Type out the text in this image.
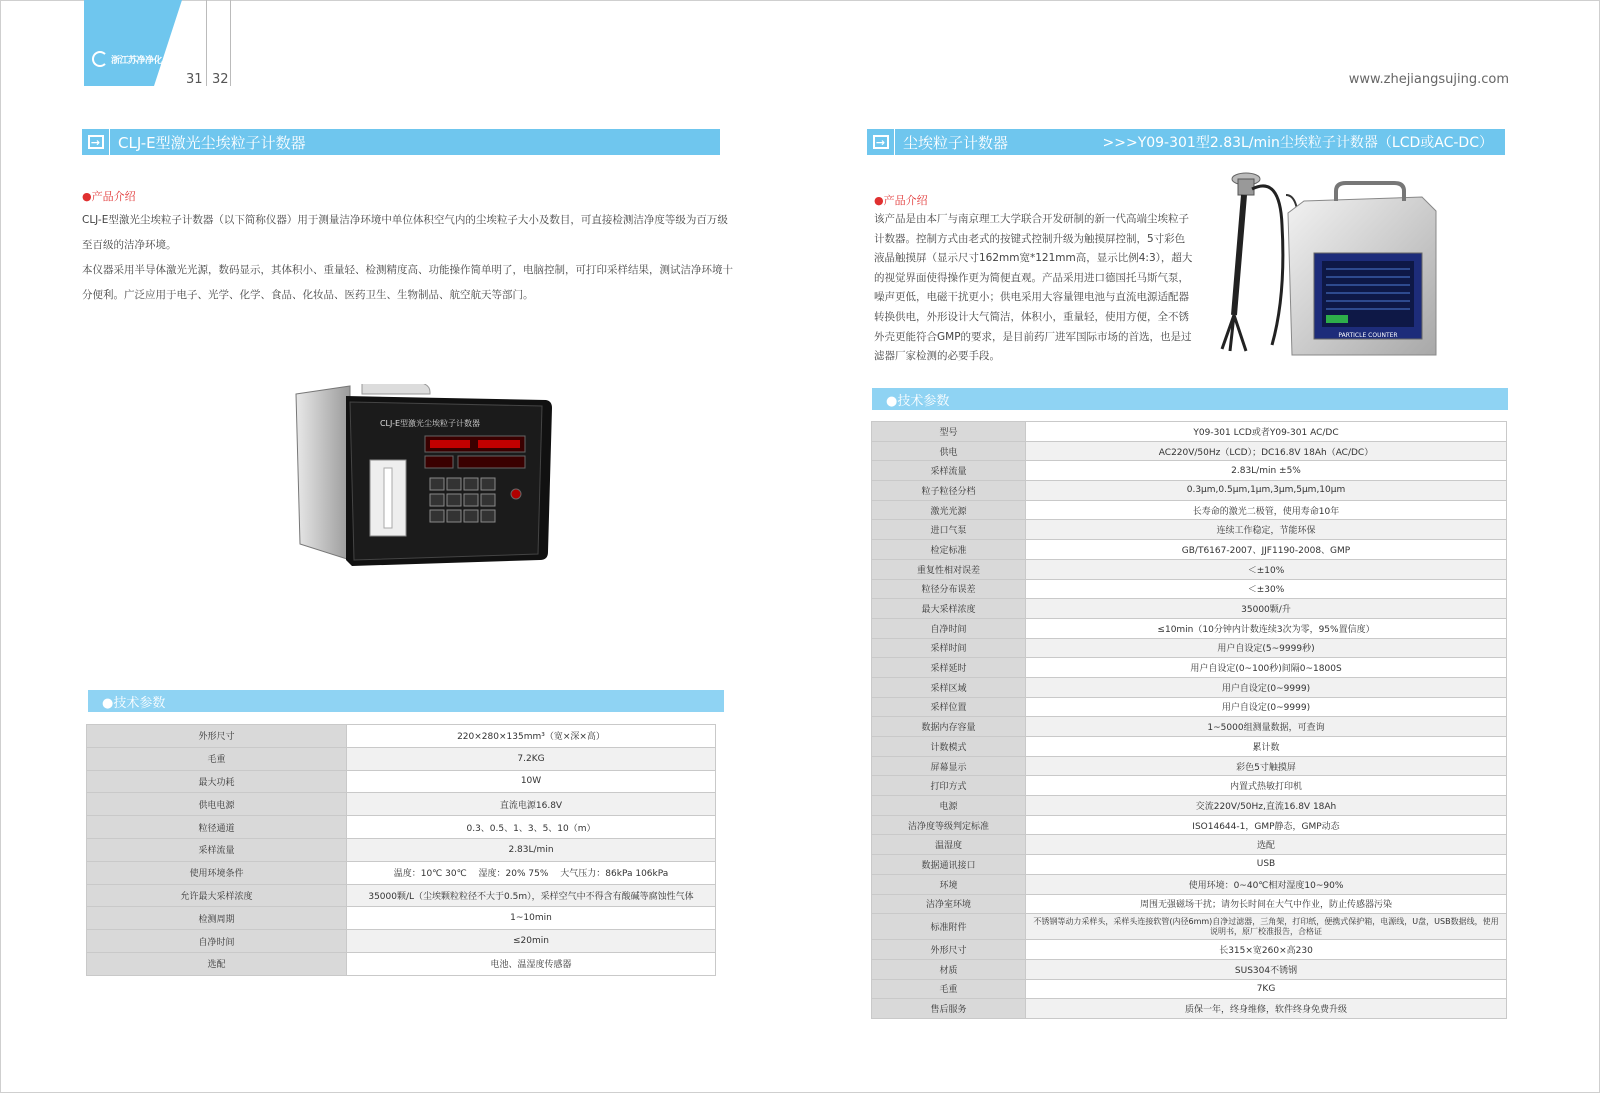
浙江苏净净化
31 32	www.zhejiangsujing.com
→ CLJ-E型激光尘埃粒子计数器
●产品介绍
CLJ-E型激光尘埃粒子计数器（以下简称仪器）用于测量洁净环境中单位体积空气内的尘埃粒子大小及数目，可直接检测洁净度等级为百万级
至百级的洁净环境。
本仪器采用半导体激光光源，数码显示，其体积小、重量轻、检测精度高、功能操作简单明了，电脑控制，可打印采样结果，测试洁净环境十
分便利。广泛应用于电子、光学、化学、食品、化妆品、医药卫生、生物制品、航空航天等部门。
CLJ-E型激光尘埃粒子计数器
●技术参数
外形尺寸	220×280×135mm³（宽×深×高）
毛重	7.2KG
最大功耗	10W
供电电源	直流电源16.8V
粒径通道	0.3、0.5、1、3、5、10（m）
采样流量	2.83L/min
使用环境条件	温度：10℃ 30℃　 湿度：20% 75%　 大气压力：86kPa 106kPa
允许最大采样浓度	35000颗/L（尘埃颗粒粒径不大于0.5m），采样空气中不得含有酸碱等腐蚀性气体
检测周期	1~10min
自净时间	≤20min
选配	电池、温湿度传感器
→ 尘埃粒子计数器	>>>Y09-301型2.83L/min尘埃粒子计数器（LCD或AC-DC）
●产品介绍
该产品是由本厂与南京理工大学联合开发研制的新一代高端尘埃粒子
计数器。控制方式由老式的按键式控制升级为触摸屏控制，5寸彩色
液晶触摸屏（显示尺寸162mm宽*121mm高，显示比例4:3），超大
的视觉界面使得操作更为简便直观。产品采用进口德国托马斯气泵，
噪声更低，电磁干扰更小；供电采用大容量锂电池与直流电源适配器
转换供电，外形设计大气简洁，体积小，重量轻，使用方便，全不锈
外壳更能符合GMP的要求，是目前药厂进军国际市场的首选，也是过
滤器厂家检测的必要手段。
PARTICLE COUNTER
●技术参数
型号	Y09-301 LCD或者Y09-301 AC/DC
供电	AC220V/50Hz（LCD）；DC16.8V 18Ah（AC/DC）
采样流量	2.83L/min ±5%
粒子粒径分档	0.3μm,0.5μm,1μm,3μm,5μm,10μm
激光光源	长寿命的激光二极管，使用寿命10年
进口气泵	连续工作稳定，节能环保
检定标准	GB/T6167-2007、JJF1190-2008、GMP
重复性相对误差	＜±10%
粒径分布误差	＜±30%
最大采样浓度	35000颗/升
自净时间	≤10min（10分钟内计数连续3次为零，95%置信度）
采样时间	用户自设定(5~9999秒)
采样延时	用户自设定(0~100秒)间隔0~1800S
采样区域	用户自设定(0~9999)
采样位置	用户自设定(0~9999)
数据内存容量	1~5000组测量数据，可查询
计数模式	累计数
屏幕显示	彩色5寸触摸屏
打印方式	内置式热敏打印机
电源	交流220V/50Hz,直流16.8V 18Ah
洁净度等级判定标准	ISO14644-1，GMP静态，GMP动态
温湿度	选配
数据通讯接口	USB
环境	使用环境：0~40℃相对湿度10~90%
洁净室环境	周围无强磁场干扰；请勿长时间在大气中作业，防止传感器污染
标准附件	不锈钢等动力采样头，采样头连接软管(内径6mm)自净过滤器，三角架，打印纸，便携式保护箱，电源线，U盘，USB数据线，使用说明书，原厂校准报告，合格证
外形尺寸	长315×宽260×高230
材质	SUS304不锈钢
毛重	7KG
售后服务	质保一年，终身维修，软件终身免费升级
